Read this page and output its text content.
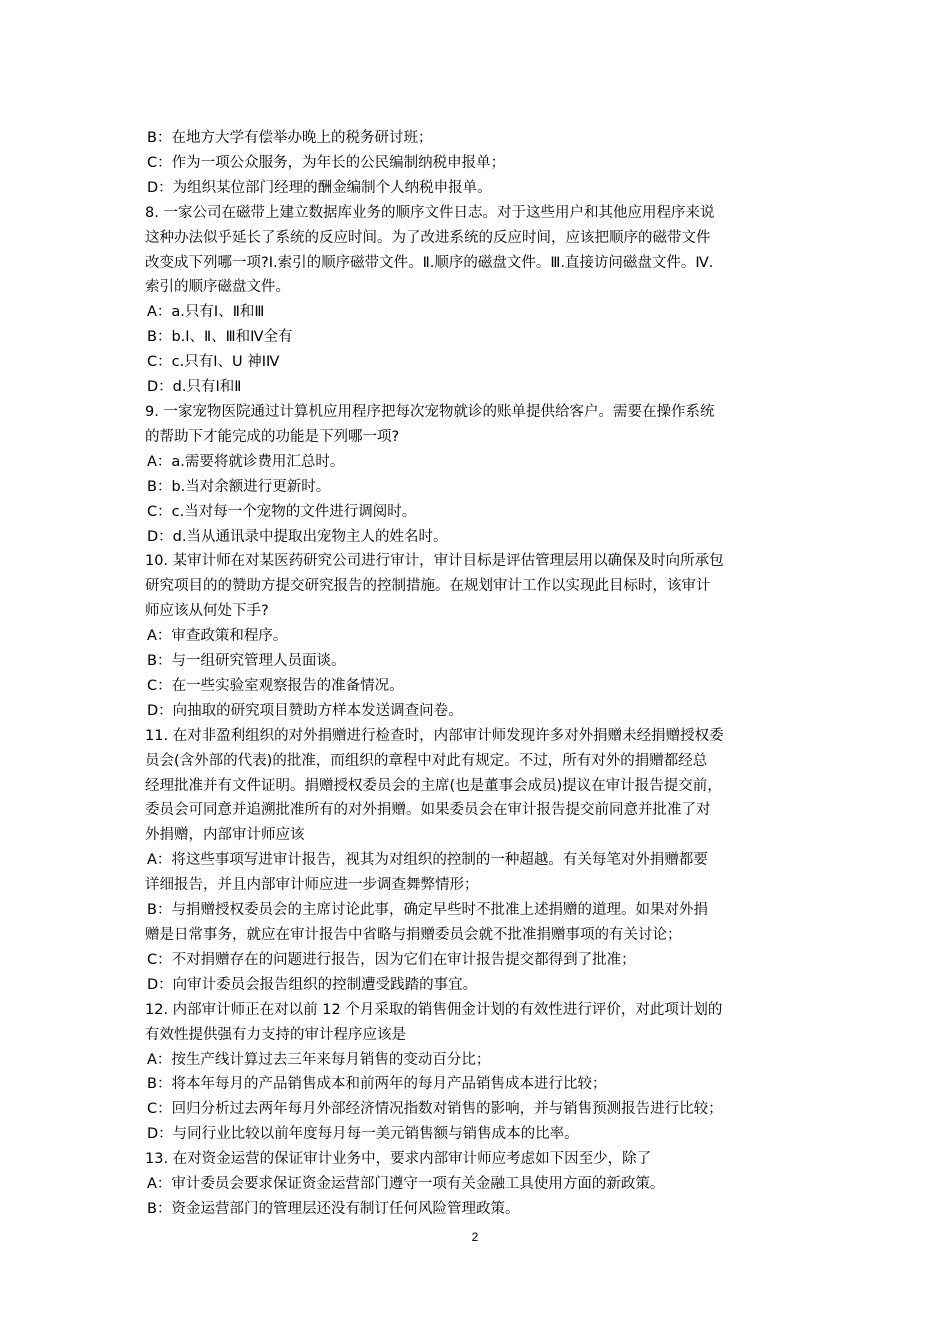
B：在地方大学有偿举办晚上的税务研讨班；
C：作为一项公众服务，为年长的公民编制纳税申报单；
D：为组织某位部门经理的酬金编制个人纳税申报单。
8. 一家公司在磁带上建立数据库业务的顺序文件日志。对于这些用户和其他应用程序来说
这种办法似乎延长了系统的反应时间。为了改进系统的反应时间，应该把顺序的磁带文件
改变成下列哪一项?I.索引的顺序磁带文件。Ⅱ.顺序的磁盘文件。Ⅲ.直接访问磁盘文件。Ⅳ.
索引的顺序磁盘文件。
A：a.只有Ⅰ、Ⅱ和Ⅲ
B：b.Ⅰ、Ⅱ、Ⅲ和Ⅳ全有
C：c.只有Ⅰ、U 神ⅠⅣ
D：d.只有Ⅰ和Ⅱ
9. 一家宠物医院通过计算机应用程序把每次宠物就诊的账单提供给客户。需要在操作系统
的帮助下才能完成的功能是下列哪一项?
A：a.需要将就诊费用汇总时。
B：b.当对余额进行更新时。
C：c.当对每一个宠物的文件进行调阅时。
D：d.当从通讯录中提取出宠物主人的姓名时。
10. 某审计师在对某医药研究公司进行审计，审计目标是评估管理层用以确保及时向所承包
研究项目的的赞助方提交研究报告的控制措施。在规划审计工作以实现此目标时，该审计
师应该从何处下手?
A：审查政策和程序。
B：与一组研究管理人员面谈。
C：在一些实验室观察报告的准备情况。
D：向抽取的研究项目赞助方样本发送调查问卷。
11. 在对非盈利组织的对外捐赠进行检查时，内部审计师发现许多对外捐赠未经捐赠授权委
员会(含外部的代表)的批准，而组织的章程中对此有规定。不过，所有对外的捐赠都经总
经理批准并有文件证明。捐赠授权委员会的主席(也是董事会成员)提议在审计报告提交前，
委员会可同意并追溯批准所有的对外捐赠。如果委员会在审计报告提交前同意并批准了对
外捐赠，内部审计师应该
A：将这些事项写进审计报告，视其为对组织的控制的一种超越。有关每笔对外捐赠都要
详细报告，并且内部审计师应进一步调查舞弊情形；
B：与捐赠授权委员会的主席讨论此事，确定早些时不批准上述捐赠的道理。如果对外捐
赠是日常事务，就应在审计报告中省略与捐赠委员会就不批准捐赠事项的有关讨论；
C：不对捐赠存在的问题进行报告，因为它们在审计报告提交都得到了批准；
D：向审计委员会报告组织的控制遭受践踏的事宜。
12. 内部审计师正在对以前 12 个月采取的销售佣金计划的有效性进行评价，对此项计划的
有效性提供强有力支持的审计程序应该是
A：按生产线计算过去三年来每月销售的变动百分比；
B：将本年每月的产品销售成本和前两年的每月产品销售成本进行比较；
C：回归分析过去两年每月外部经济情况指数对销售的影响，并与销售预测报告进行比较；
D：与同行业比较以前年度每月每一美元销售额与销售成本的比率。
13. 在对资金运营的保证审计业务中，要求内部审计师应考虑如下因至少，除了
A：审计委员会要求保证资金运营部门遵守一项有关金融工具使用方面的新政策。
B：资金运营部门的管理层还没有制订任何风险管理政策。
2
